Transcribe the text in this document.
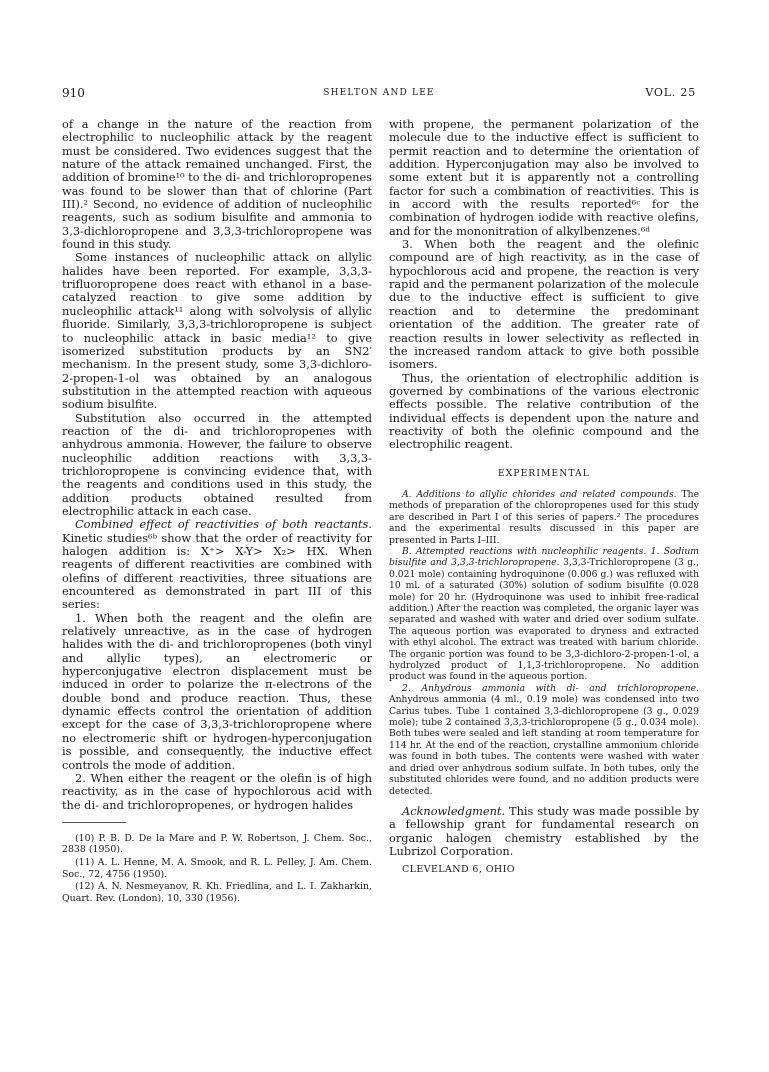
910	SHELTON AND LEE	VOL. 25

of a change in the nature of the reaction from electrophilic to nucleophilic attack by the reagent must be considered. Two evidences suggest that the nature of the attack remained unchanged. First, the addition of bromine¹⁰ to the di- and trichloropropenes was found to be slower than that of chlorine (Part III).² Second, no evidence of addition of nucleophilic reagents, such as sodium bisulfite and ammonia to 3,3-dichloropropene and 3,3,3-trichloropropene was found in this study.

Some instances of nucleophilic attack on allylic halides have been reported. For example, 3,3,3-trifluoropropene does react with ethanol in a base-catalyzed reaction to give some addition by nucleophilic attack¹¹ along with solvolysis of allylic fluoride. Similarly, 3,3,3-trichloropropene is subject to nucleophilic attack in basic media¹² to give isomerized substitution products by an SN2′ mechanism. In the present study, some 3,3-dichloro-2-propen-1-ol was obtained by an analogous substitution in the attempted reaction with aqueous sodium bisulfite.

Substitution also occurred in the attempted reaction of the di- and trichloropropenes with anhydrous ammonia. However, the failure to observe nucleophilic addition reactions with 3,3,3-trichloropropene is convincing evidence that, with the reagents and conditions used in this study, the addition products obtained resulted from electrophilic attack in each case.

Combined effect of reactivities of both reactants. Kinetic studies⁶ᵇ show that the order of reactivity for halogen addition is: X⁺> X-Y> X₂> HX. When reagents of different reactivities are combined with olefins of different reactivities, three situations are encountered as demonstrated in part III of this series:

1. When both the reagent and the olefin are relatively unreactive, as in the case of hydrogen halides with the di- and trichloropropenes (both vinyl and allylic types), an electromeric or hyperconjugative electron displacement must be induced in order to polarize the π-electrons of the double bond and produce reaction. Thus, these dynamic effects control the orientation of addition except for the case of 3,3,3-trichloropropene where no electromeric shift or hydrogen-hyperconjugation is possible, and consequently, the inductive effect controls the mode of addition.

2. When either the reagent or the olefin is of high reactivity, as in the case of hypochlorous acid with the di- and trichloropropenes, or hydrogen halides

(10) P. B. D. De la Mare and P. W. Robertson, J. Chem. Soc., 2838 (1950).

(11) A. L. Henne, M. A. Smook, and R. L. Pelley, J. Am. Chem. Soc., 72, 4756 (1950).

(12) A. N. Nesmeyanov, R. Kh. Friedlina, and L. I. Zakharkin, Quart. Rev. (London), 10, 330 (1956).

with propene, the permanent polarization of the molecule due to the inductive effect is sufficient to permit reaction and to determine the orientation of addition. Hyperconjugation may also be involved to some extent but it is apparently not a controlling factor for such a combination of reactivities. This is in accord with the results reported⁶ᶜ for the combination of hydrogen iodide with reactive olefins, and for the mononitration of alkylbenzenes.⁶ᵈ

3. When both the reagent and the olefinic compound are of high reactivity, as in the case of hypochlorous acid and propene, the reaction is very rapid and the permanent polarization of the molecule due to the inductive effect is sufficient to give reaction and to determine the predominant orientation of the addition. The greater rate of reaction results in lower selectivity as reflected in the increased random attack to give both possible isomers.

Thus, the orientation of electrophilic addition is governed by combinations of the various electronic effects possible. The relative contribution of the individual effects is dependent upon the nature and reactivity of both the olefinic compound and the electrophilic reagent.

EXPERIMENTAL

A. Additions to allylic chlorides and related compounds. The methods of preparation of the chloropropenes used for this study are described in Part I of this series of papers.² The procedures and the experimental results discussed in this paper are presented in Parts I–III.

B. Attempted reactions with nucleophilic reagents. 1. Sodium bisulfite and 3,3,3-trichloropropene. 3,3,3-Trichloropropene (3 g., 0.021 mole) containing hydroquinone (0.006 g.) was refluxed with 10 ml. of a saturated (30%) solution of sodium bisulfite (0.028 mole) for 20 hr. (Hydroquinone was used to inhibit free-radical addition.) After the reaction was completed, the organic layer was separated and washed with water and dried over sodium sulfate. The aqueous portion was evaporated to dryness and extracted with ethyl alcohol. The extract was treated with barium chloride. The organic portion was found to be 3,3-dichloro-2-propen-1-ol, a hydrolyzed product of 1,1,3-trichloropropene. No addition product was found in the aqueous portion.

2. Anhydrous ammonia with di- and trichloropropene. Anhydrous ammonia (4 ml., 0.19 mole) was condensed into two Carius tubes. Tube 1 contained 3,3-dichloropropene (3 g., 0.029 mole); tube 2 contained 3,3,3-trichloropropene (5 g., 0.034 mole). Both tubes were sealed and left standing at room temperature for 114 hr. At the end of the reaction, crystalline ammonium chloride was found in both tubes. The contents were washed with water and dried over anhydrous sodium sulfate. In both tubes, only the substituted chlorides were found, and no addition products were detected.

Acknowledgment. This study was made possible by a fellowship grant for fundamental research on organic halogen chemistry established by the Lubrizol Corporation.

CLEVELAND 6, OHIO
